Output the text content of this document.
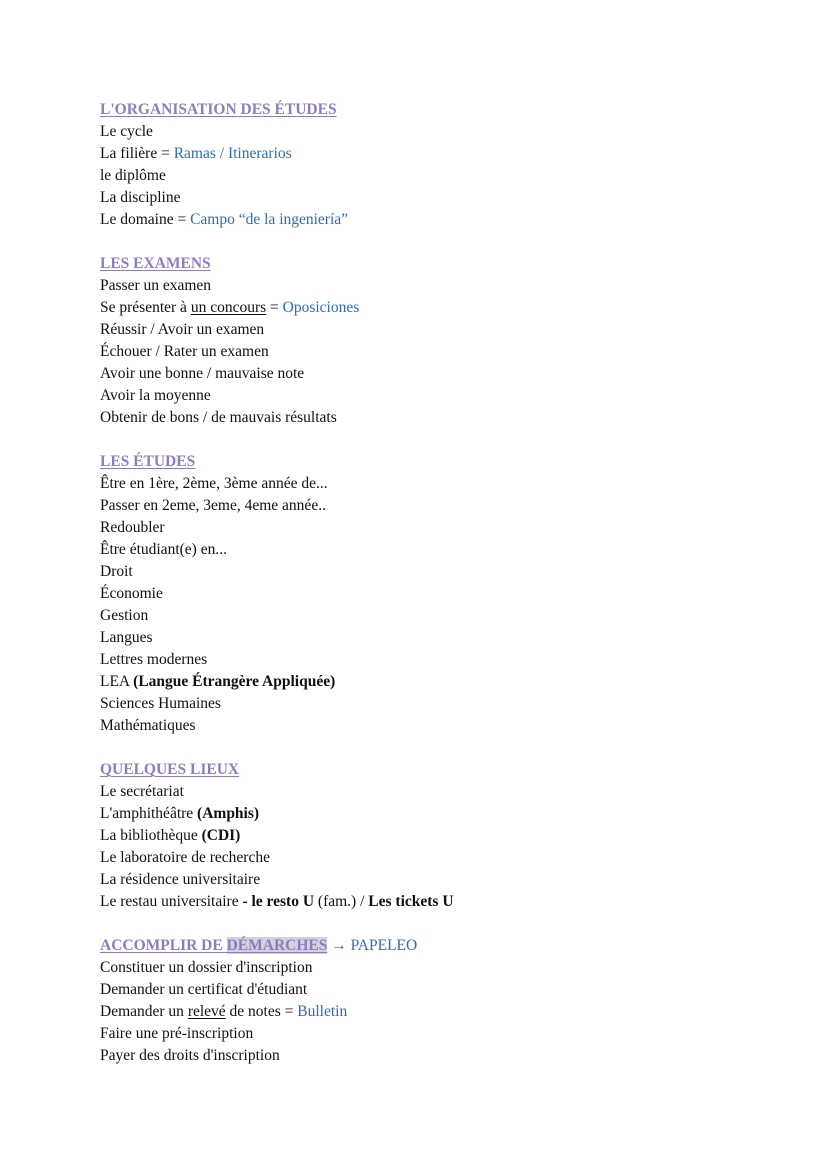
L'ORGANISATION DES ÉTUDES
Le cycle
La filière = Ramas / Itinerarios
le diplôme
La discipline
Le domaine = Campo “de la ingeniería”
LES EXAMENS
Passer un examen
Se présenter à un concours = Oposiciones
Réussir / Avoir un examen
Échouer / Rater un examen
Avoir une bonne / mauvaise note
Avoir la moyenne
Obtenir de bons / de mauvais résultats
LES ÉTUDES
Être en 1ère, 2ème, 3ème année de...
Passer en 2eme, 3eme, 4eme année..
Redoubler
Être étudiant(e) en...
Droit
Économie
Gestion
Langues
Lettres modernes
LEA (Langue Étrangère Appliquée)
Sciences Humaines
Mathématiques
QUELQUES LIEUX
Le secrétariat
L'amphithéâtre (Amphis)
La bibliothèque (CDI)
Le laboratoire de recherche
La résidence universitaire
Le restau universitaire - le resto U (fam.) / Les tickets U
ACCOMPLIR DE DÉMARCHES → PAPELEO
Constituer un dossier d'inscription
Demander un certificat d'étudiant
Demander un relevé de notes = Bulletin
Faire une pré-inscription
Payer des droits d'inscription
